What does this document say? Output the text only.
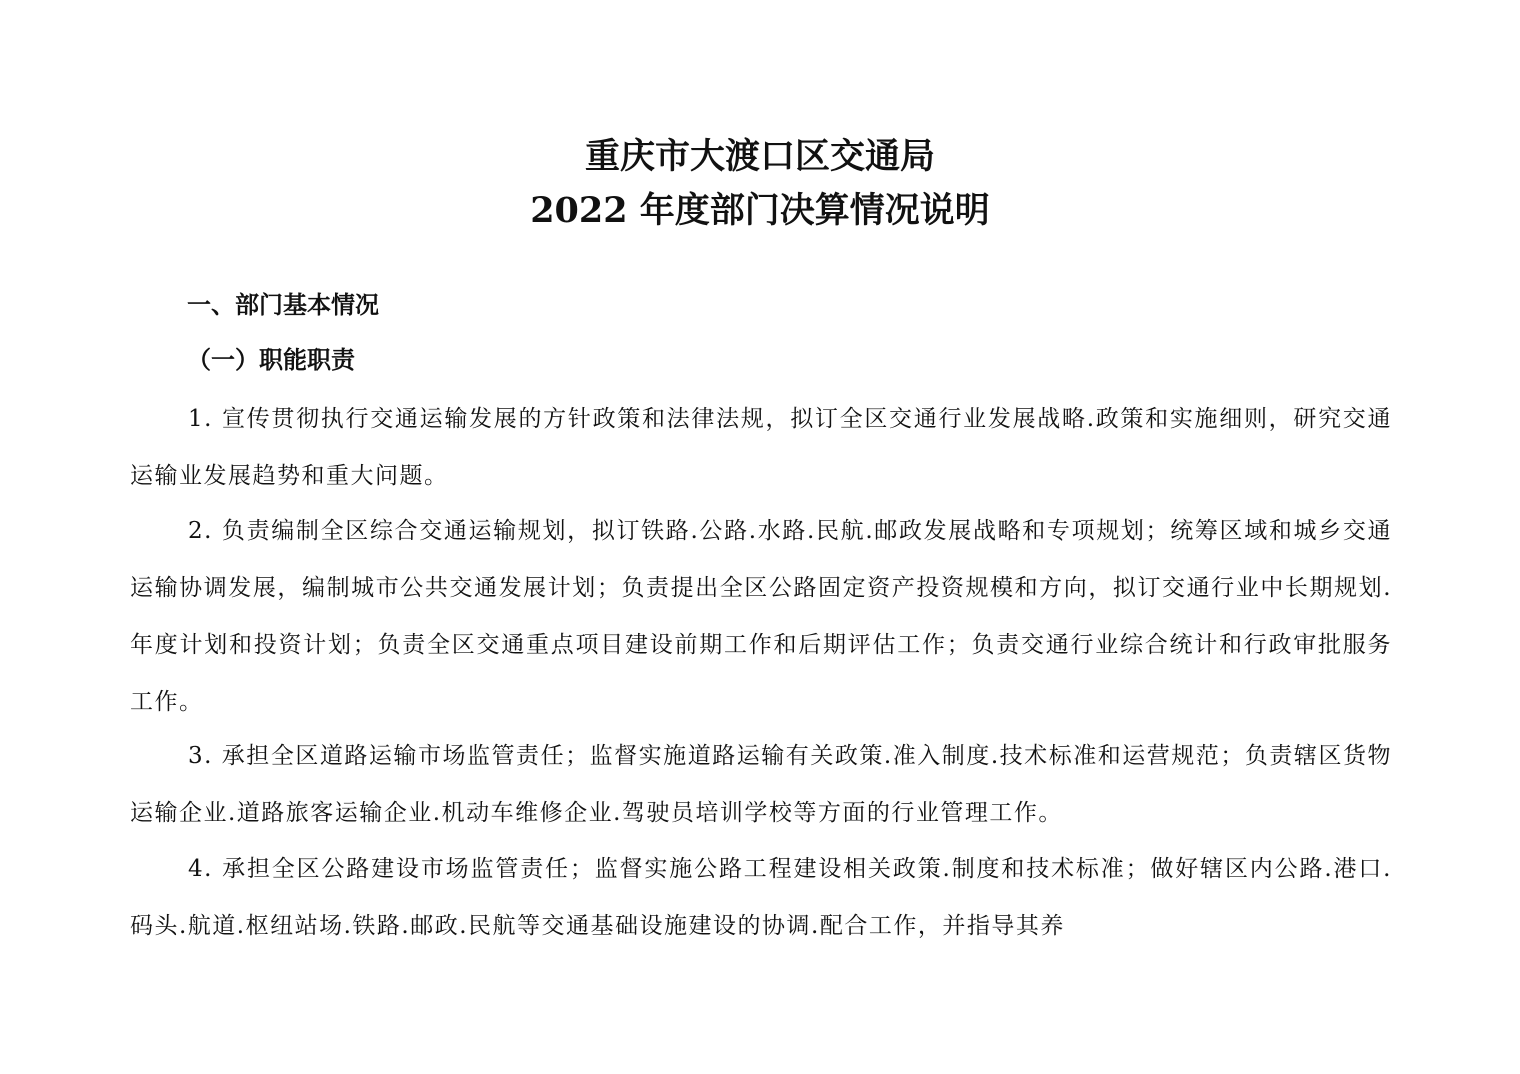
重庆市大渡口区交通局
2022 年度部门决算情况说明
一、部门基本情况
（一）职能职责

1. 宣传贯彻执行交通运输发展的方针政策和法律法规，拟订全区交通行业发展战略.政策和实施细则，研究交通运输业发展趋势和重大问题。

2. 负责编制全区综合交通运输规划，拟订铁路.公路.水路.民航.邮政发展战略和专项规划；统筹区域和城乡交通运输协调发展，编制城市公共交通发展计划；负责提出全区公路固定资产投资规模和方向，拟订交通行业中长期规划.年度计划和投资计划；负责全区交通重点项目建设前期工作和后期评估工作；负责交通行业综合统计和行政审批服务工作。

3. 承担全区道路运输市场监管责任；监督实施道路运输有关政策.准入制度.技术标准和运营规范；负责辖区货物运输企业.道路旅客运输企业.机动车维修企业.驾驶员培训学校等方面的行业管理工作。

4. 承担全区公路建设市场监管责任；监督实施公路工程建设相关政策.制度和技术标准；做好辖区内公路.港口.码头.航道.枢纽站场.铁路.邮政.民航等交通基础设施建设的协调.配合工作，并指导其养
